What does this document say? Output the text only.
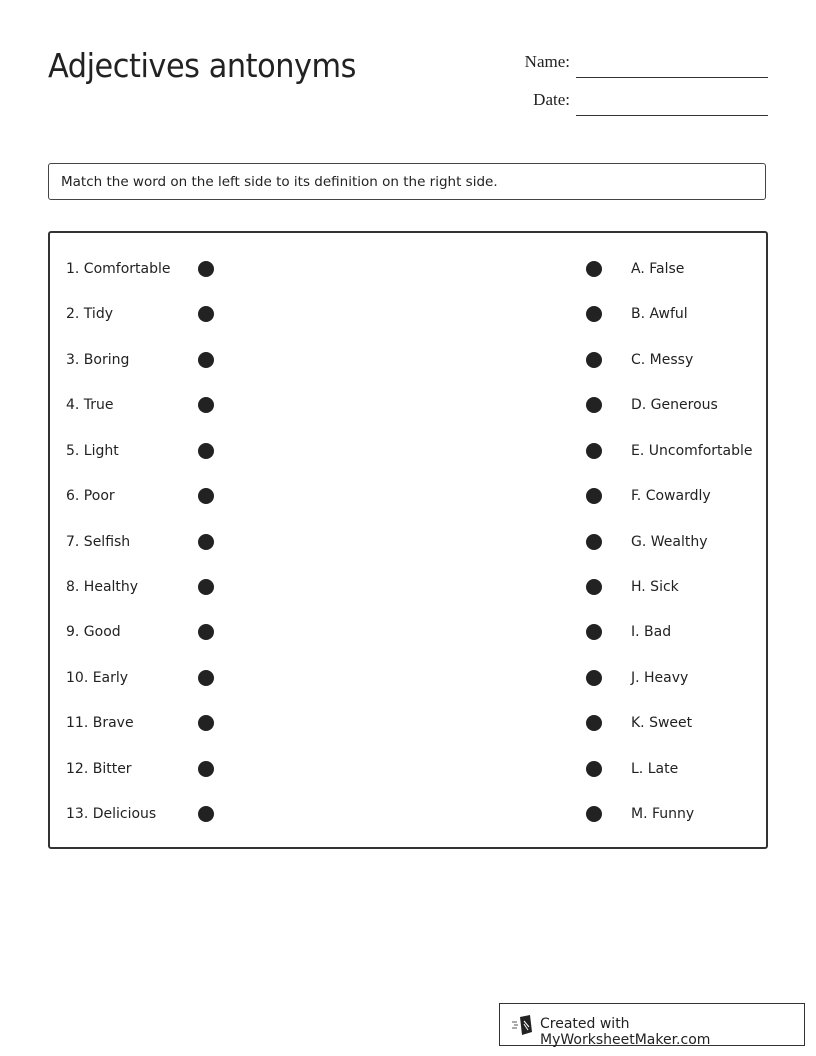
Adjectives antonyms	Name:
Date:
Match the word on the left side to its definition on the right side.
1. Comfortable	A. False
2. Tidy	B. Awful
3. Boring	C. Messy
4. True	D. Generous
5. Light	E. Uncomfortable
6. Poor	F. Cowardly
7. Selfish	G. Wealthy
8. Healthy	H. Sick
9. Good	I. Bad
10. Early	J. Heavy
11. Brave	K. Sweet
12. Bitter	L. Late
13. Delicious	M. Funny
Created with MyWorksheetMaker.com
